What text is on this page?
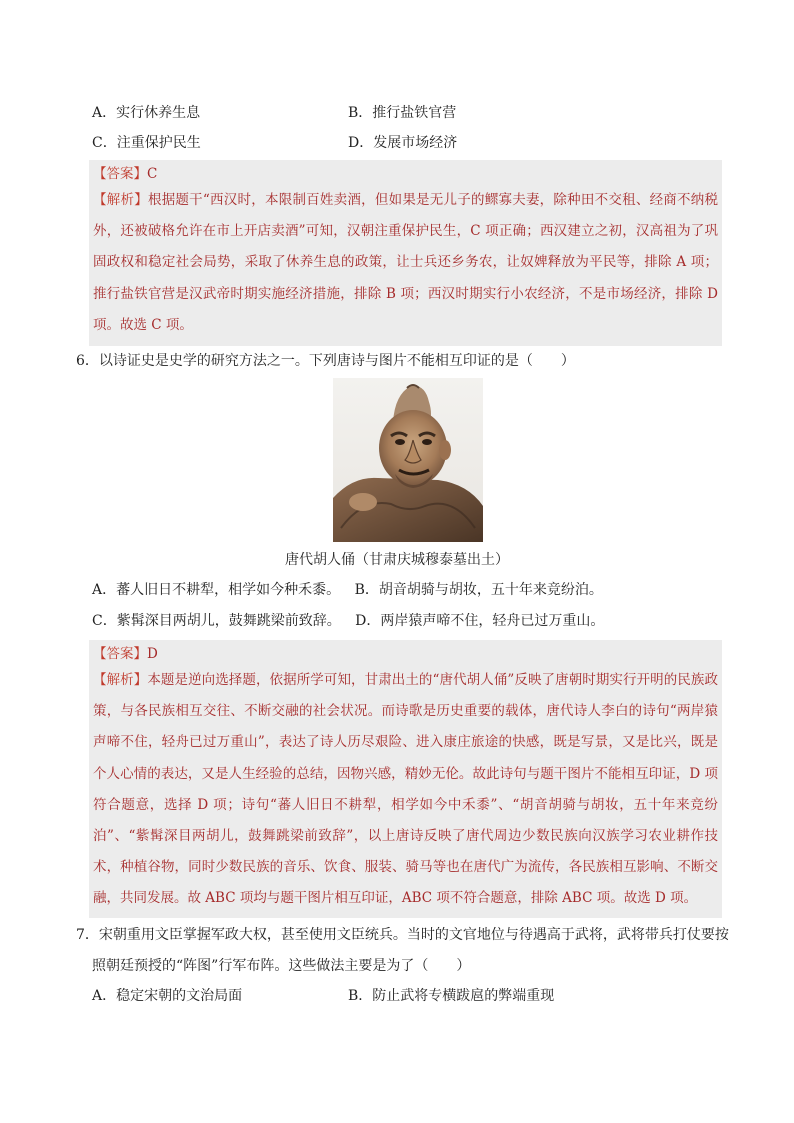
A．实行休养生息	B．推行盐铁官营
C．注重保护民生	D．发展市场经济
【答案】C
【解析】根据题干“西汉时，本限制百姓卖酒，但如果是无儿子的鳏寡夫妻，除种田不交租、经商不纳税外，还被破格允许在市上开店卖酒”可知，汉朝注重保护民生，C 项正确；西汉建立之初，汉高祖为了巩固政权和稳定社会局势，采取了休养生息的政策，让士兵还乡务农，让奴婢释放为平民等，排除 A 项；推行盐铁官营是汉武帝时期实施经济措施，排除 B 项；西汉时期实行小农经济，不是市场经济，排除 D 项。故选 C 项。
6．以诗证史是史学的研究方法之一。下列唐诗与图片不能相互印证的是（　　）
唐代胡人俑（甘肃庆城穆泰墓出土）
A．蕃人旧日不耕犁，相学如今种禾黍。 B．胡音胡骑与胡妆，五十年来竞纷泊。
C．紫髯深目两胡儿，鼓舞跳梁前致辞。 D．两岸猿声啼不住，轻舟已过万重山。
【答案】D
【解析】本题是逆向选择题，依据所学可知，甘肃出土的“唐代胡人俑”反映了唐朝时期实行开明的民族政策，与各民族相互交往、不断交融的社会状况。而诗歌是历史重要的载体，唐代诗人李白的诗句“两岸猿声啼不住，轻舟已过万重山”，表达了诗人历尽艰险、进入康庄旅途的快感，既是写景，又是比兴，既是个人心情的表达，又是人生经验的总结，因物兴感，精妙无伦。故此诗句与题干图片不能相互印证，D 项符合题意，选择 D 项；诗句“蕃人旧日不耕犁，相学如今中禾黍”、“胡音胡骑与胡妆，五十年来竞纷泊”、“紫髯深目两胡儿，鼓舞跳梁前致辞”，以上唐诗反映了唐代周边少数民族向汉族学习农业耕作技术，种植谷物，同时少数民族的音乐、饮食、服装、骑马等也在唐代广为流传，各民族相互影响、不断交融，共同发展。故 ABC 项均与题干图片相互印证，ABC 项不符合题意，排除 ABC 项。故选 D 项。
7．宋朝重用文臣掌握军政大权，甚至使用文臣统兵。当时的文官地位与待遇高于武将，武将带兵打仗要按
照朝廷预授的“阵图”行军布阵。这些做法主要是为了（　　）
A．稳定宋朝的文治局面	B．防止武将专横跋扈的弊端重现
